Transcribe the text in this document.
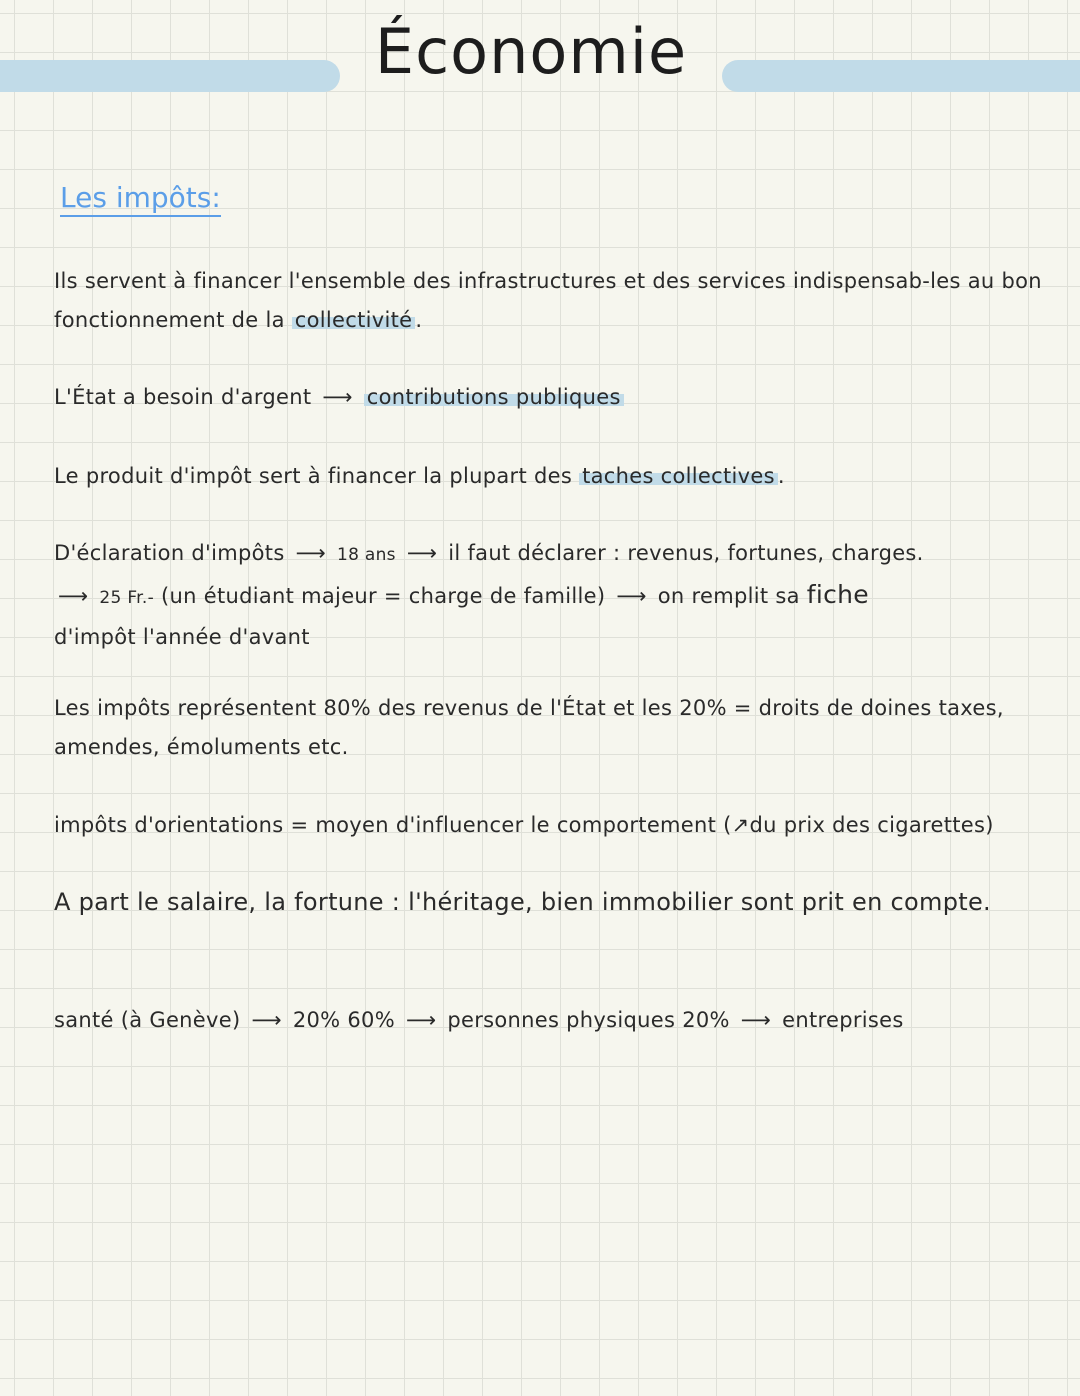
Économie
Les impôts:
Ils servent à financer l'ensemble des infrastructures et des services indispensab-les au bon fonctionnement de la collectivité .
L'État a besoin d'argent ⟶ contributions publiques
Le produit d'impôt sert à financer la plupart des taches collectives .
D'éclaration d'impôts ⟶ 18 ans ⟶ il faut déclarer : revenus, fortunes, charges.
⟶ 25 Fr.- (un étudiant majeur = charge de famille) ⟶ on remplit sa fiche
d'impôt l'année d'avant
Les impôts représentent 80% des revenus de l'État et les 20% = droits de doines taxes, amendes, émoluments etc.
impôts d'orientations = moyen d'influencer le comportement (↗du prix des cigarettes)
A part le salaire, la fortune : l'héritage, bien immobilier sont prit en compte.
santé (à Genève) ⟶ 20% 60% ⟶ personnes physiques 20% ⟶ entreprises
